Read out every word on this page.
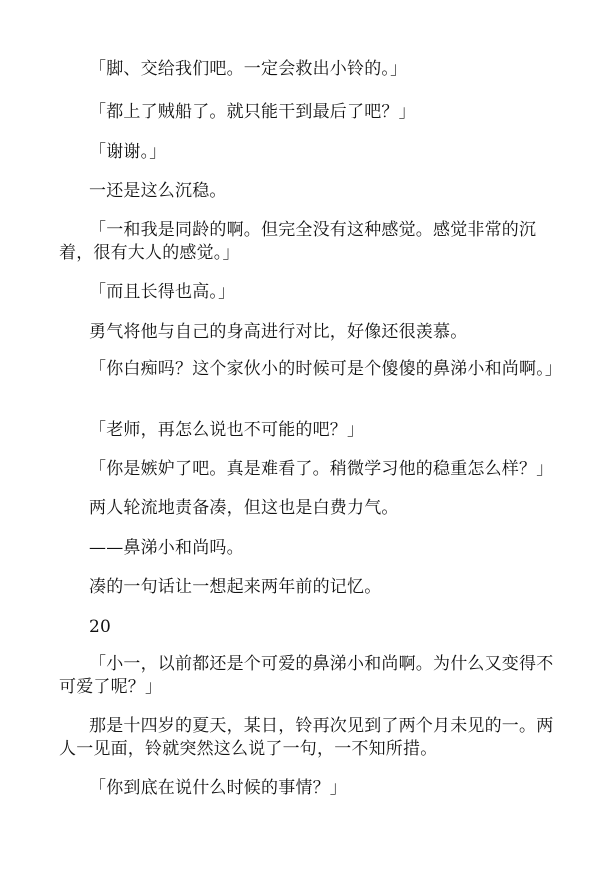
「脚、交给我们吧。一定会救出小铃的。」

「都上了贼船了。就只能干到最后了吧？」

「谢谢。」

一还是这么沉稳。

「一和我是同龄的啊。但完全没有这种感觉。感觉非常的沉着，很有大人的感觉。」

「而且长得也高。」

勇气将他与自己的身高进行对比，好像还很羡慕。

「你白痴吗？这个家伙小的时候可是个傻傻的鼻涕小和尚啊。」

「老师，再怎么说也不可能的吧？」

「你是嫉妒了吧。真是难看了。稍微学习他的稳重怎么样？」

两人轮流地责备凑，但这也是白费力气。

——鼻涕小和尚吗。

凑的一句话让一想起来两年前的记忆。

20

「小一，以前都还是个可爱的鼻涕小和尚啊。为什么又变得不可爱了呢？」

那是十四岁的夏天，某日，铃再次见到了两个月未见的一。两人一见面，铃就突然这么说了一句，一不知所措。

「你到底在说什么时候的事情？」
